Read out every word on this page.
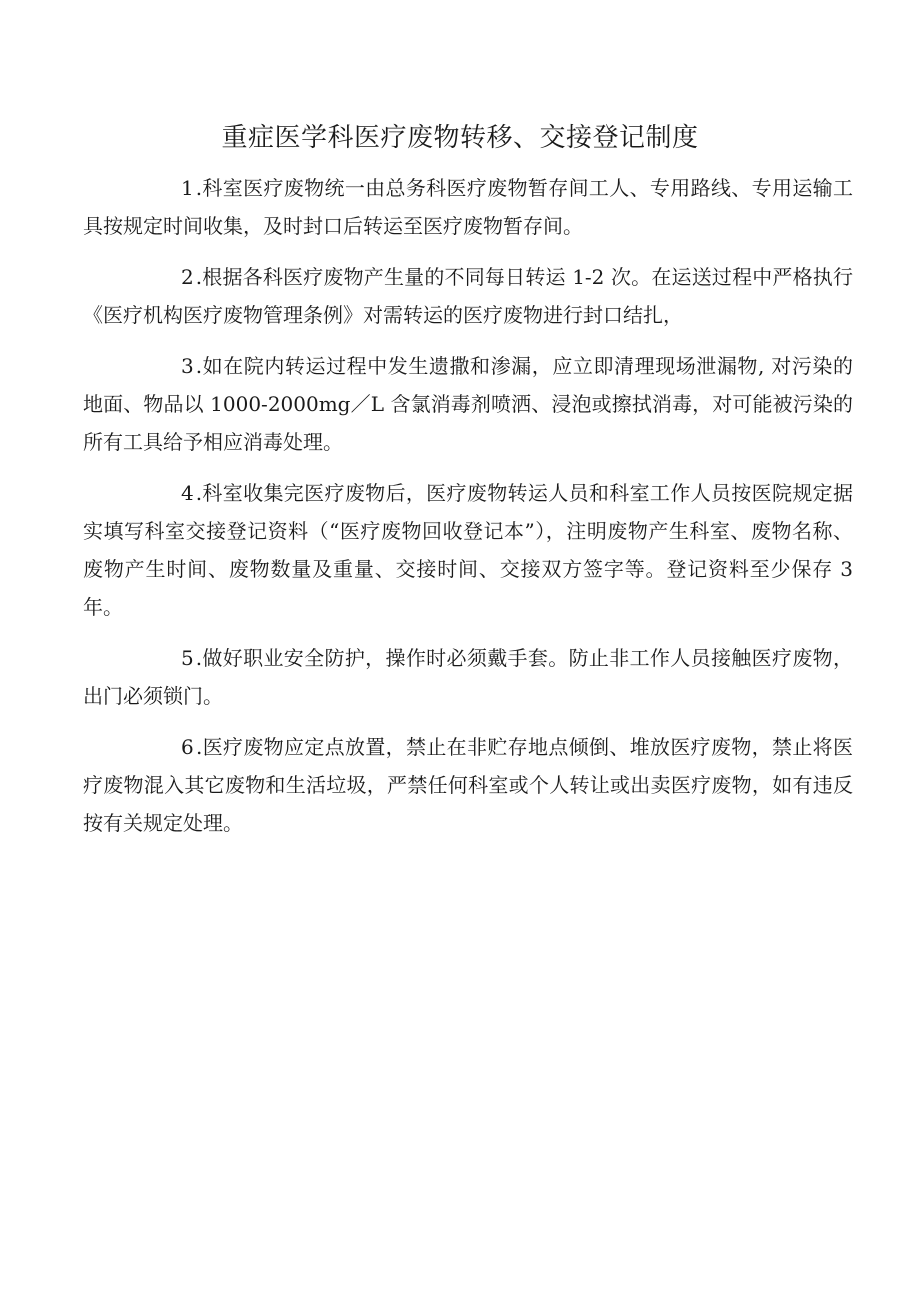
重症医学科医疗废物转移、交接登记制度

1 .科室医疗废物统一由总务科医疗废物暂存间工人、专用路线、专用运输工具按规定时间收集，及时封口后转运至医疗废物暂存间。

2 .根据各科医疗废物产生量的不同每日转运 1-2 次。在运送过程中严格执行《医疗机构医疗废物管理条例》对需转运的医疗废物进行封口结扎，

3 .如在院内转运过程中发生遗撒和渗漏，应立即清理现场泄漏物, 对污染的地面、物品以 1000-2000mg／L 含氯消毒剂喷洒、浸泡或擦拭消毒，对可能被污染的所有工具给予相应消毒处理。

4 .科室收集完医疗废物后，医疗废物转运人员和科室工作人员按医院规定据实填写科室交接登记资料（“医疗废物回收登记本”），注明废物产生科室、废物名称、废物产生时间、废物数量及重量、交接时间、交接双方签字等。登记资料至少保存 3 年。

5 .做好职业安全防护，操作时必须戴手套。防止非工作人员接触医疗废物，出门必须锁门。

6 .医疗废物应定点放置，禁止在非贮存地点倾倒、堆放医疗废物，禁止将医疗废物混入其它废物和生活垃圾，严禁任何科室或个人转让或出卖医疗废物，如有违反按有关规定处理。
